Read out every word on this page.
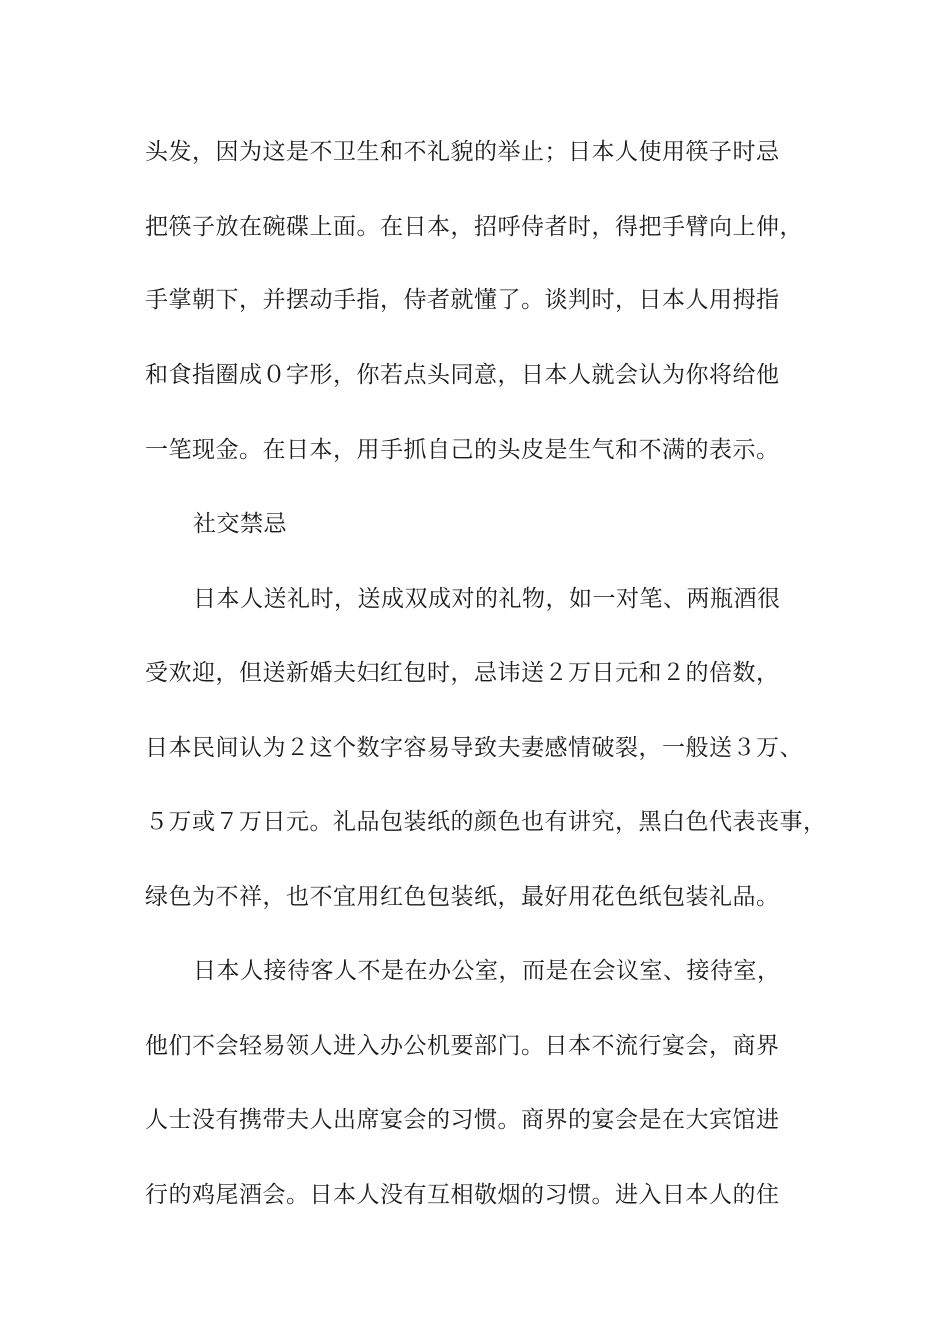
头发，因为这是不卫生和不礼貌的举止；日本人使用筷子时忌
把筷子放在碗碟上面。在日本，招呼侍者时，得把手臂向上伸，
手掌朝下，并摆动手指，侍者就懂了。谈判时，日本人用拇指
和食指圈成０字形，你若点头同意，日本人就会认为你将给他
一笔现金。在日本，用手抓自己的头皮是生气和不满的表示。
社交禁忌
日本人送礼时，送成双成对的礼物，如一对笔、两瓶酒很
受欢迎，但送新婚夫妇红包时，忌讳送２万日元和２的倍数，
日本民间认为２这个数字容易导致夫妻感情破裂，一般送３万、
５万或７万日元。礼品包装纸的颜色也有讲究，黑白色代表丧事，
绿色为不祥，也不宜用红色包装纸，最好用花色纸包装礼品。
日本人接待客人不是在办公室，而是在会议室、接待室，
他们不会轻易领人进入办公机要部门。日本不流行宴会，商界
人士没有携带夫人出席宴会的习惯。商界的宴会是在大宾馆进
行的鸡尾酒会。日本人没有互相敬烟的习惯。进入日本人的住
